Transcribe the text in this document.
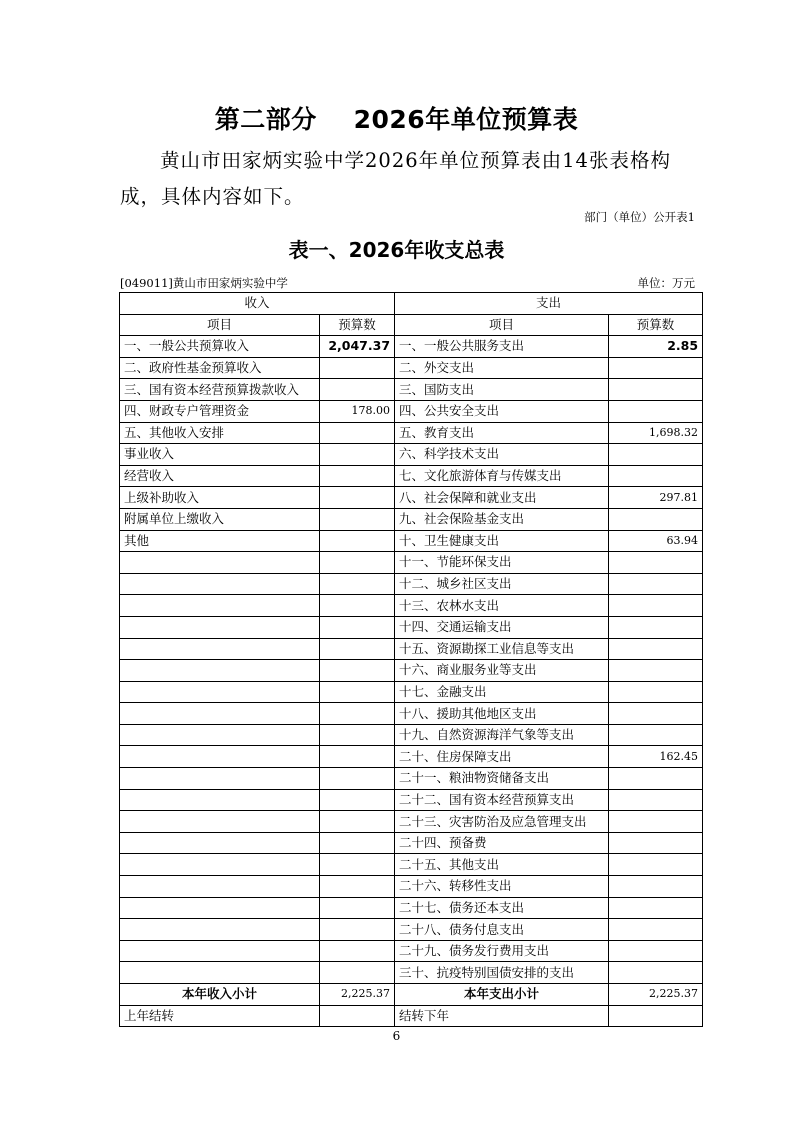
第二部分    2026年单位预算表
黄山市田家炳实验中学2026年单位预算表由14张表格构成，具体内容如下。
部门（单位）公开表1
表一、2026年收支总表
[049011]黄山市田家炳实验中学	单位：万元
收入		支出	
项目	预算数	项目	预算数
一、一般公共预算收入	2,047.37	一、一般公共服务支出	2.85
二、政府性基金预算收入		二、外交支出	
三、国有资本经营预算拨款收入		三、国防支出	
四、财政专户管理资金	178.00	四、公共安全支出	
五、其他收入安排		五、教育支出	1,698.32
事业收入		六、科学技术支出	
经营收入		七、文化旅游体育与传媒支出	
上级补助收入		八、社会保障和就业支出	297.81
附属单位上缴收入		九、社会保险基金支出	
其他		十、卫生健康支出	63.94
		十一、节能环保支出	
		十二、城乡社区支出	
		十三、农林水支出	
		十四、交通运输支出	
		十五、资源勘探工业信息等支出	
		十六、商业服务业等支出	
		十七、金融支出	
		十八、援助其他地区支出	
		十九、自然资源海洋气象等支出	
		二十、住房保障支出	162.45
		二十一、粮油物资储备支出	
		二十二、国有资本经营预算支出	
		二十三、灾害防治及应急管理支出	
		二十四、预备费	
		二十五、其他支出	
		二十六、转移性支出	
		二十七、债务还本支出	
		二十八、债务付息支出	
		二十九、债务发行费用支出	
		三十、抗疫特别国债安排的支出	
本年收入小计	2,225.37	本年支出小计	2,225.37
上年结转		结转下年	
6
